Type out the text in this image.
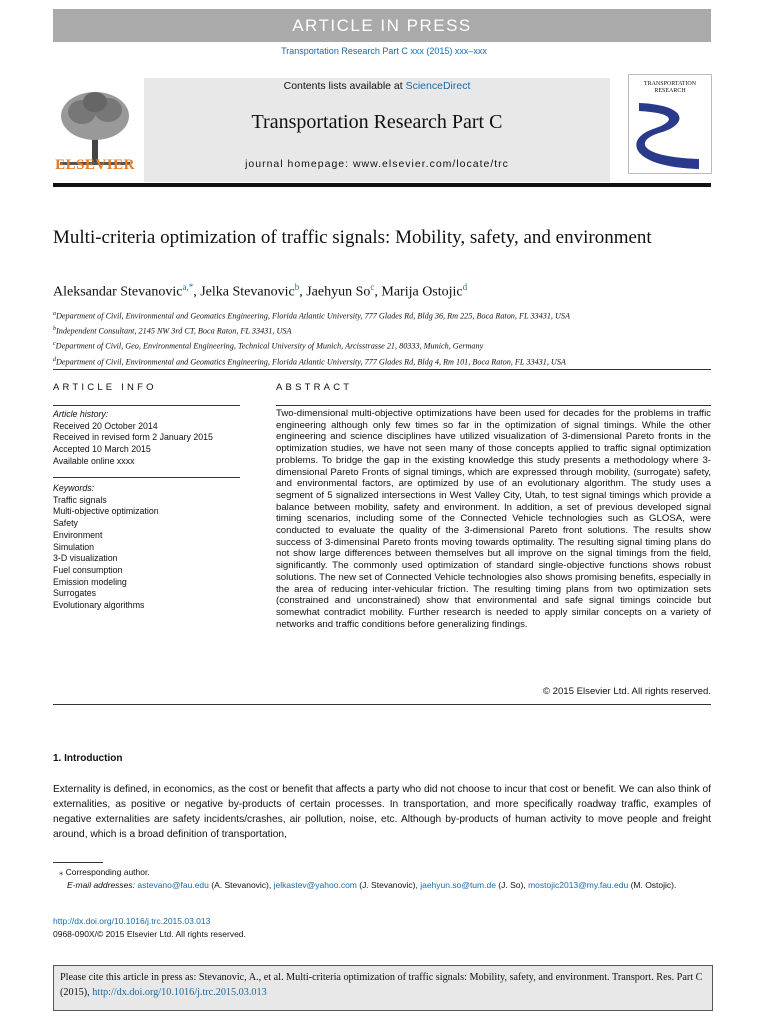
ARTICLE IN PRESS
Transportation Research Part C xxx (2015) xxx–xxx
ELSEVIER
Contents lists available at ScienceDirect
Transportation Research Part C
journal homepage: www.elsevier.com/locate/trc
TRANSPORTATION RESEARCH
Multi-criteria optimization of traffic signals: Mobility, safety, and environment
Aleksandar Stevanovic$^{a,*}$, Jelka Stevanovic$^b$, Jaehyun So$^c$, Marija Ostojic$^d$
$^a$Department of Civil, Environmental and Geomatics Engineering, Florida Atlantic University, 777 Glades Rd, Bldg 36, Rm 225, Boca Raton, FL 33431, USA
$^b$Independent Consultant, 2145 NW 3rd CT, Boca Raton, FL 33431, USA
$^c$Department of Civil, Geo, Environmental Engineering, Technical University of Munich, Arcisstrasse 21, 80333, Munich, Germany
$^d$Department of Civil, Environmental and Geomatics Engineering, Florida Atlantic University, 777 Glades Rd, Bldg 4, Rm 101, Boca Raton, FL 33431, USA
ARTICLE INFO	ABSTRACT
Article history:
Received 20 October 2014
Received in revised form 2 January 2015
Accepted 10 March 2015
Available online xxxx
Keywords:
Traffic signals
Multi-objective optimization
Safety
Environment
Simulation
3-D visualization
Fuel consumption
Emission modeling
Surrogates
Evolutionary algorithms
Two-dimensional multi-objective optimizations have been used for decades for the problems in traffic engineering although only few times so far in the optimization of signal timings. While the other engineering and science disciplines have utilized visualization of 3-dimensional Pareto fronts in the optimization studies, we have not seen many of those concepts applied to traffic signal optimization problems. To bridge the gap in the existing knowledge this study presents a methodology where 3-dimensional Pareto Fronts of signal timings, which are expressed through mobility, (surrogate) safety, and environmental factors, are optimized by use of an evolutionary algorithm. The study uses a segment of 5 signalized intersections in West Valley City, Utah, to test signal timings which provide a balance between mobility, safety and environment. In addition, a set of previous developed signal timing scenarios, including some of the Connected Vehicle technologies such as GLOSA, were conducted to evaluate the quality of the 3-dimensional Pareto front solutions. The results show success of 3-dimensinal Pareto fronts moving towards optimality. The resulting signal timing plans do not show large differences between themselves but all improve on the signal timings from the field, significantly. The commonly used optimization of standard single-objective functions shows robust solutions. The new set of Connected Vehicle technologies also shows promising benefits, especially in the area of reducing inter-vehicular friction. The resulting timing plans from two optimization sets (constrained and unconstrained) show that environmental and safe signal timings coincide but somewhat contradict mobility. Further research is needed to apply similar concepts on a variety of networks and traffic conditions before generalizing findings.
© 2015 Elsevier Ltd. All rights reserved.
1. Introduction
Externality is defined, in economics, as the cost or benefit that affects a party who did not choose to incur that cost or benefit. We can also think of externalities, as positive or negative by-products of certain processes. In transportation, and more specifically roadway traffic, examples of negative externalities are safety incidents/crashes, air pollution, noise, etc. Although by-products of human activity to move people and freight around, which is a broad definition of transportation,
⁎ Corresponding author.
E-mail addresses: astevano@fau.edu (A. Stevanovic), jelkastev@yahoo.com (J. Stevanovic), jaehyun.so@tum.de (J. So), mostojic2013@my.fau.edu (M. Ostojic).
http://dx.doi.org/10.1016/j.trc.2015.03.013
0968-090X/© 2015 Elsevier Ltd. All rights reserved.
Please cite this article in press as: Stevanovic, A., et al. Multi-criteria optimization of traffic signals: Mobility, safety, and environment. Transport. Res. Part C (2015), http://dx.doi.org/10.1016/j.trc.2015.03.013
